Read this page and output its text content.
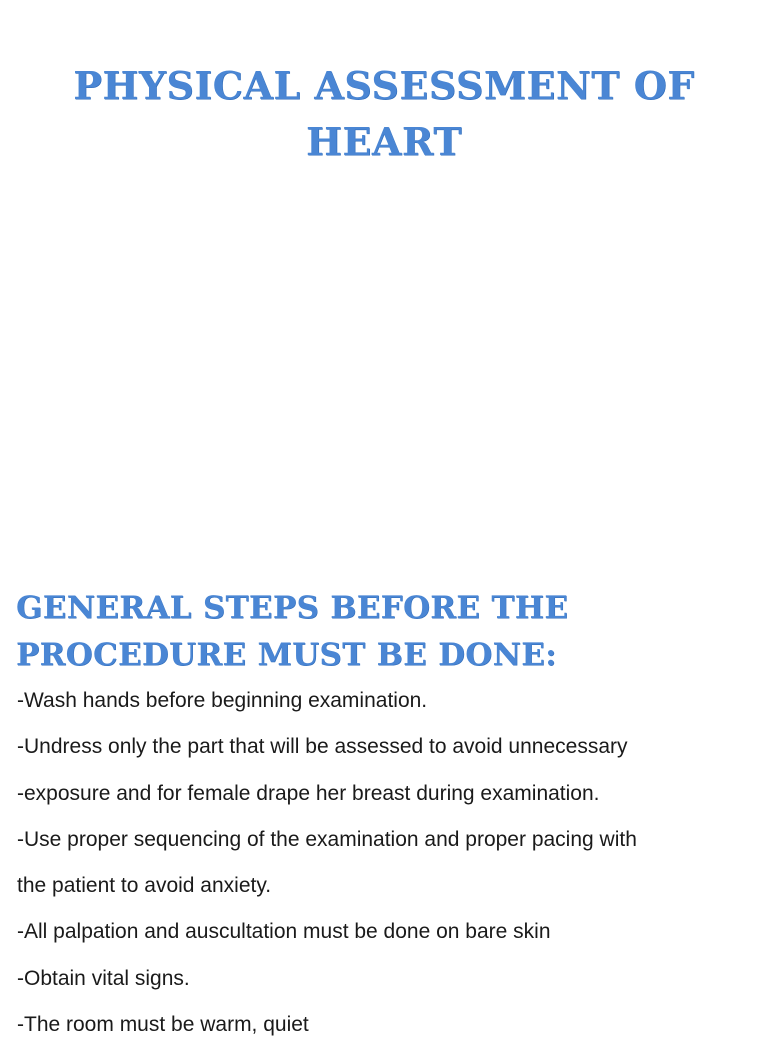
PHYSICAL ASSESSMENT OF
HEART
GENERAL STEPS BEFORE THE
PROCEDURE MUST BE DONE:
-Wash hands before beginning examination.
-Undress only the part that will be assessed to avoid unnecessary
-exposure and for female drape her breast during examination.
-Use proper sequencing of the examination and proper pacing with
the patient to avoid anxiety.
-All palpation and auscultation must be done on bare skin
-Obtain vital signs.
-The room must be warm, quiet
